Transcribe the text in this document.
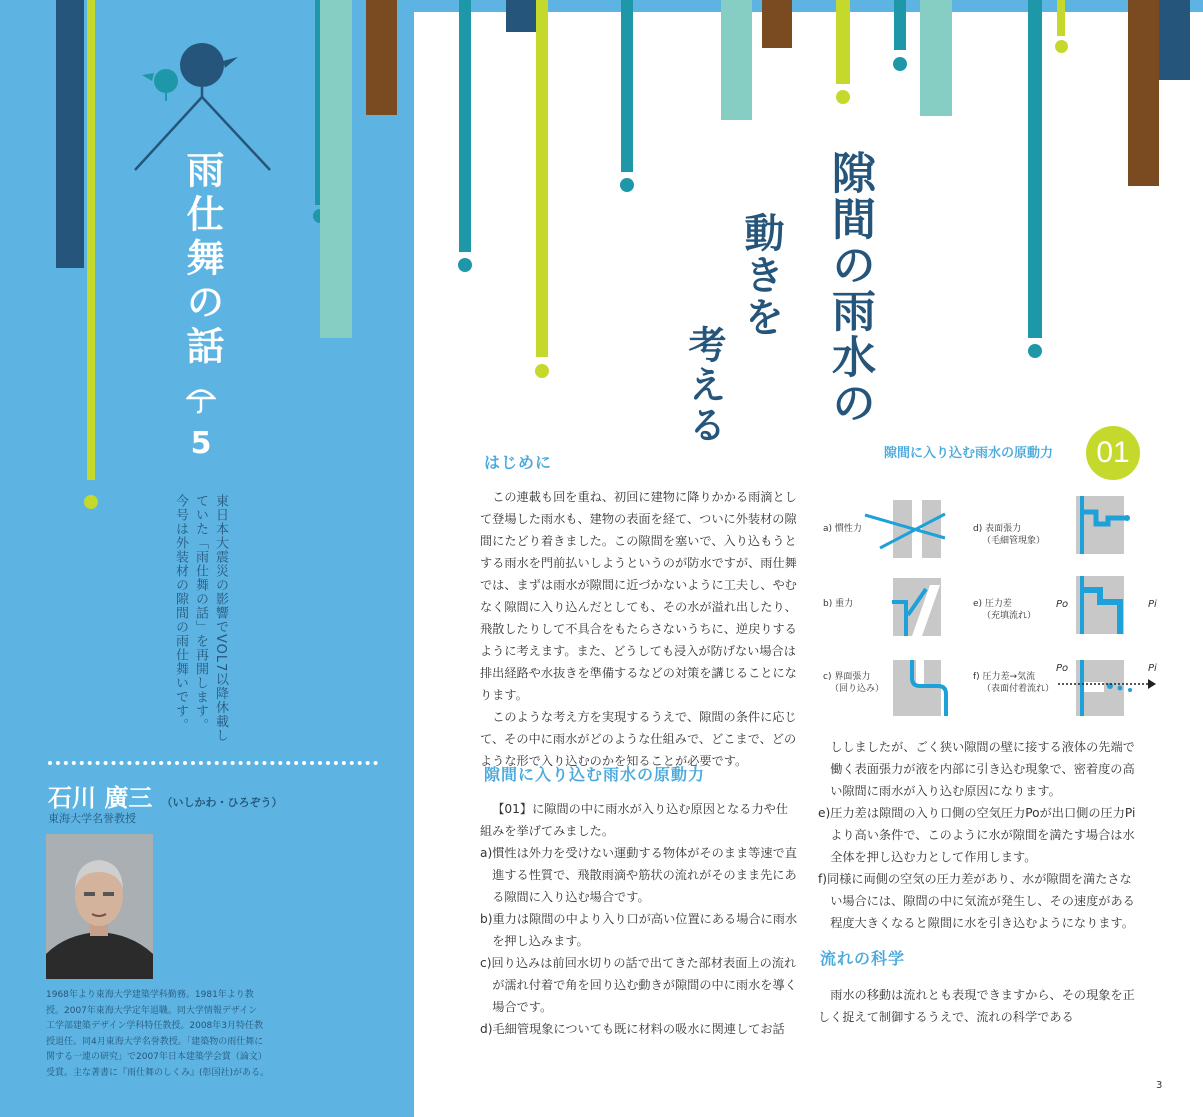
雨仕舞の話
5
東日本大震災の影響でVOL7以降休載していた「雨仕舞の話」を再開します。今号は外装材の隙間の雨仕舞いです。
石川 廣三 （いしかわ・ひろぞう）
東海大学名誉教授
1968年より東海大学建築学科勤務。1981年より教
授。2007年東海大学定年退職。同大学情報デザイン
工学部建築デザイン学科特任教授。2008年3月特任教
授退任。同4月東海大学名誉教授。「建築物の雨仕舞に
関する一連の研究」で2007年日本建築学会賞（論文）
受賞。主な著書に『雨仕舞のしくみ』(彰国社)がある。
隙間の雨水の
動きを
考える
はじめに

この連載も回を重ね、初回に建物に降りかかる雨滴として登場した雨水も、建物の表面を経て、ついに外装材の隙間にたどり着きました。この隙間を塞いで、入り込もうとする雨水を門前払いしようというのが防水ですが、雨仕舞では、まずは雨水が隙間に近づかないように工夫し、やむなく隙間に入り込んだとしても、その水が溢れ出したり、飛散したりして不具合をもたらさないうちに、逆戻りするように考えます。また、どうしても浸入が防げない場合は排出経路や水抜きを準備するなどの対策を講じることになります。

このような考え方を実現するうえで、隙間の条件に応じて、その中に雨水がどのような仕組みで、どこまで、どのような形で入り込むのかを知ることが必要です。

隙間に入り込む雨水の原動力

【01】に隙間の中に雨水が入り込む原因となる力や仕組みを挙げてみました。

a)慣性は外力を受けない運動する物体がそのまま等速で直進する性質で、飛散雨滴や筋状の流れがそのまま先にある隙間に入り込む場合です。

b)重力は隙間の中より入り口が高い位置にある場合に雨水を押し込みます。

c)回り込みは前回水切りの話で出てきた部材表面上の流れが濡れ付着で角を回り込む動きが隙間の中に雨水を導く場合です。

d)毛細管現象についても既に材料の吸水に関連してお話

隙間に入り込む雨水の原動力 01
a) 慣性力
b) 重力
c) 界面張力
（回り込み）
d) 表面張力
（毛細管現象）
e) 圧力差
（充填流れ）
f) 圧力差→気流
（表面付着流れ）
Po	Pi
Po	Pi

ししましたが、ごく狭い隙間の壁に接する液体の先端で働く表面張力が液を内部に引き込む現象で、密着度の高い隙間に雨水が入り込む原因になります。

e)圧力差は隙間の入り口側の空気圧力Poが出口側の圧力Piより高い条件で、このように水が隙間を満たす場合は水全体を押し込む力として作用します。

f)同様に両側の空気の圧力差があり、水が隙間を満たさない場合には、隙間の中に気流が発生し、その速度がある程度大きくなると隙間に水を引き込むようになります。

流れの科学

雨水の移動は流れとも表現できますから、その現象を正しく捉えて制御するうえで、流れの科学である

3
